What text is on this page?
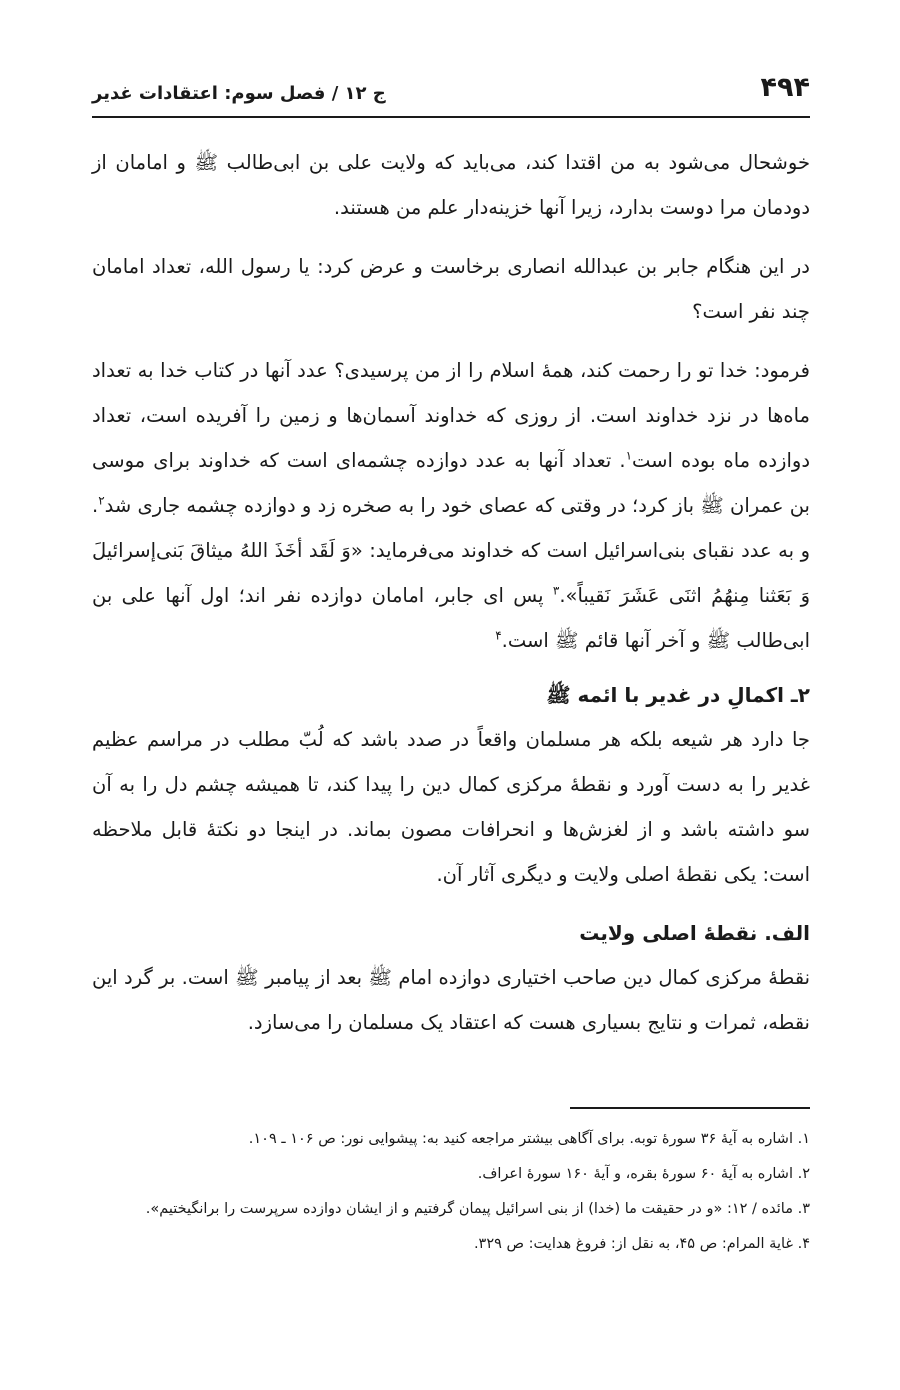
۴۹۴
ج ۱۲ / فصل سوم: اعتقادات غدیر

خوشحال می‌شود به من اقتدا کند، می‌باید که ولایت علی بن ابی‌طالب ﷺ و امامان از دودمان مرا دوست بدارد، زیرا آنها خزینه‌دار علم من هستند.

در این هنگام جابر بن عبدالله انصاری برخاست و عرض کرد: یا رسول الله، تعداد امامان چند نفر است؟

فرمود: خدا تو را رحمت کند، همهٔ اسلام را از من پرسیدی؟ عدد آنها در کتاب خدا به تعداد ماه‌ها در نزد خداوند است. از روزی که خداوند آسمان‌ها و زمین را آفریده است، تعداد دوازده ماه بوده است$^۱$. تعداد آنها به عدد دوازده چشمه‌ای است که خداوند برای موسی بن عمران ﷺ باز کرد؛ در وقتی که عصای خود را به صخره زد و دوازده چشمه جاری شد$^۲$. و به عدد نقبای بنی‌اسرائیل است که خداوند می‌فرماید: «وَ لَقَد أخَذَ اللهُ میثاقَ بَنی‌إسرائیلَ وَ بَعَثنا مِنهُمُ اثنَی عَشَرَ نَقیباً».$^۳$ پس ای جابر، امامان دوازده نفر اند؛ اول آنها علی بن ابی‌طالب ﷺ و آخر آنها قائم ﷺ است.$^۴$

۲ـ اکمالِ در غدیر با ائمه ﷺ

جا دارد هر شیعه بلکه هر مسلمان واقعاً در صدد باشد که لُبّ مطلب در مراسم عظیم غدیر را به دست آورد و نقطهٔ مرکزی کمال دین را پیدا کند، تا همیشه چشم دل را به آن سو داشته باشد و از لغزش‌ها و انحرافات مصون بماند. در اینجا دو نکتهٔ قابل ملاحظه است: یکی نقطهٔ اصلی ولایت و دیگری آثار آن.

الف. نقطهٔ اصلی ولایت

نقطهٔ مرکزی کمال دین صاحب اختیاری دوازده امام ﷺ بعد از پیامبر ﷺ است. بر گرد این نقطه، ثمرات و نتایج بسیاری هست که اعتقاد یک مسلمان را می‌سازد.

۱. اشاره به آیهٔ ۳۶ سورهٔ توبه. برای آگاهی بیشتر مراجعه کنید به: پیشوایی نور: ص ۱۰۶ ـ ۱۰۹.

۲. اشاره به آیهٔ ۶۰ سورهٔ بقره، و آیهٔ ۱۶۰ سورهٔ اعراف.

۳. مائده / ۱۲: «و در حقیقت ما (خدا) از بنی اسرائیل پیمان گرفتیم و از ایشان دوازده سرپرست را برانگیختیم».

۴. غایة المرام: ص ۴۵، به نقل از: فروغ هدایت: ص ۳۲۹.
